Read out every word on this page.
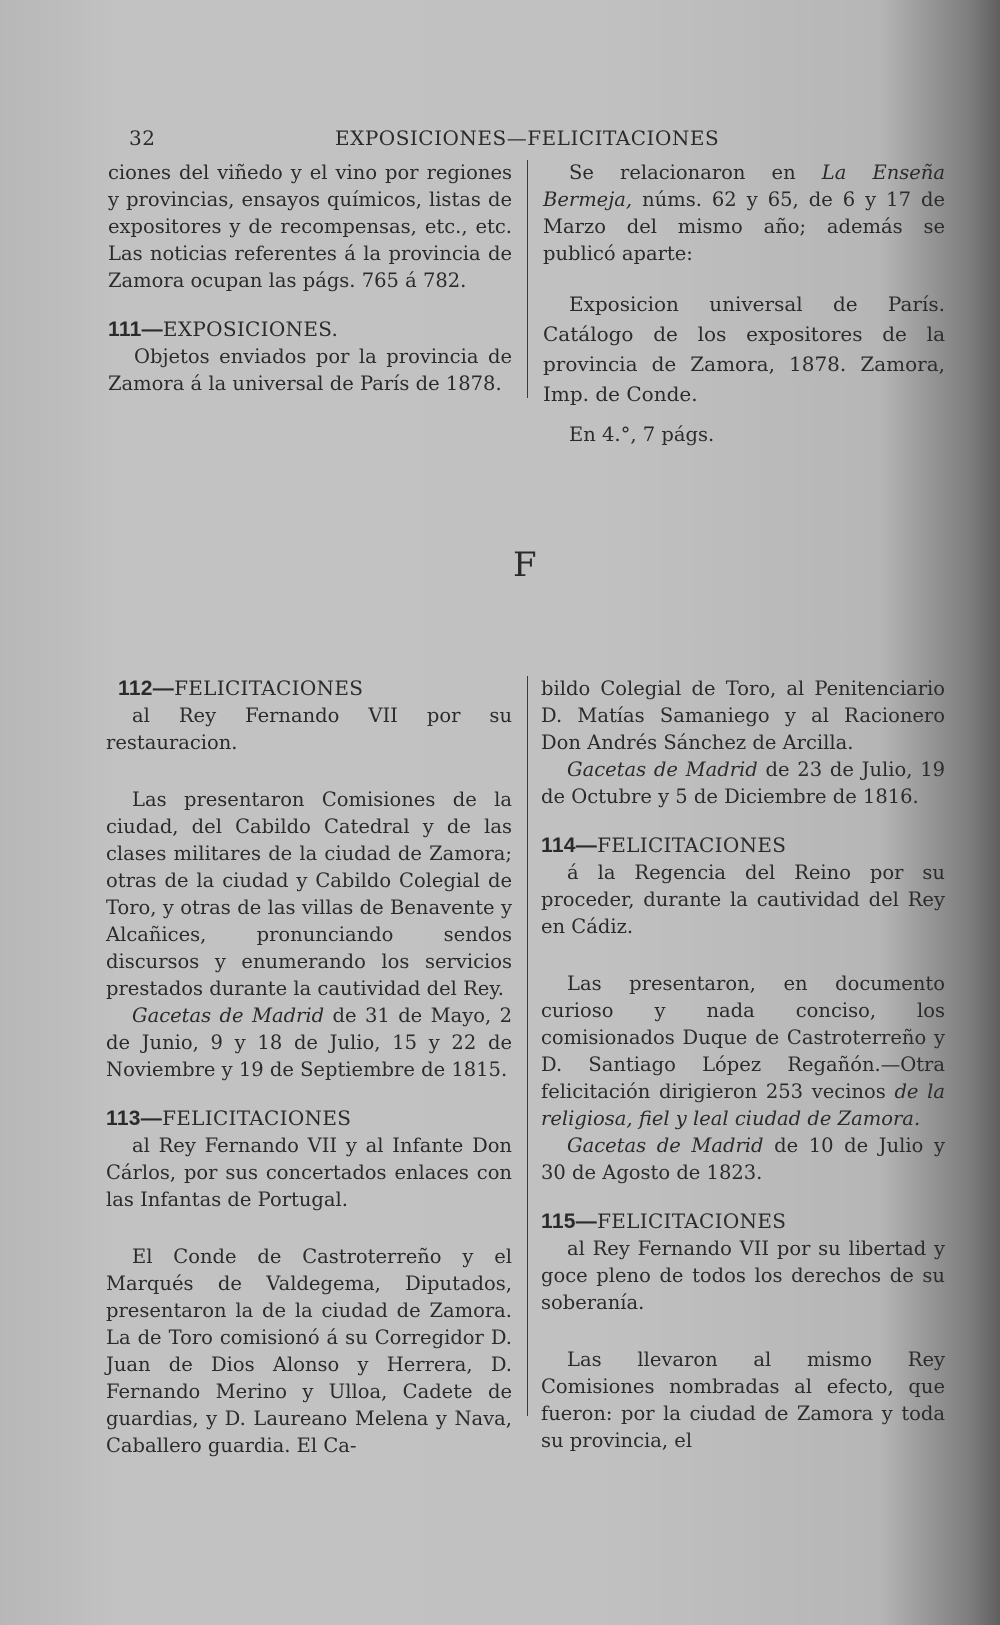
32	EXPOSICIONES—FELICITACIONES

ciones del viñedo y el vino por regiones y provincias, ensayos químicos, listas de expositores y de recompensas, etc., etc. Las noticias referentes á la provincia de Zamora ocupan las págs. 765 á 782.

111—EXPOSICIONES.

Objetos enviados por la provincia de Zamora á la universal de París de 1878.

Se relacionaron en La Enseña Bermeja, núms. 62 y 65, de 6 y 17 de Marzo del mismo año; además se publicó aparte:

Exposicion universal de París. Catálogo de los expositores de la provincia de Zamora, 1878. Zamora, Imp. de Conde.

En 4.°, 7 págs.

F

112—FELICITACIONES

al Rey Fernando VII por su restauracion.

Las presentaron Comisiones de la ciudad, del Cabildo Catedral y de las clases militares de la ciudad de Zamora; otras de la ciudad y Cabildo Colegial de Toro, y otras de las villas de Benavente y Alcañices, pronunciando sendos discursos y enumerando los servicios prestados durante la cautividad del Rey.

Gacetas de Madrid de 31 de Mayo, 2 de Junio, 9 y 18 de Julio, 15 y 22 de Noviembre y 19 de Septiembre de 1815.

113—FELICITACIONES

al Rey Fernando VII y al Infante Don Cárlos, por sus concertados enlaces con las Infantas de Portugal.

El Conde de Castroterreño y el Marqués de Valdegema, Diputados, presentaron la de la ciudad de Zamora. La de Toro comisionó á su Corregidor D. Juan de Dios Alonso y Herrera, D. Fernando Merino y Ulloa, Cadete de guardias, y D. Laureano Melena y Nava, Caballero guardia. El Ca-

bildo Colegial de Toro, al Penitenciario D. Matías Samaniego y al Racionero Don Andrés Sánchez de Arcilla.

Gacetas de Madrid de 23 de Julio, 19 de Octubre y 5 de Diciembre de 1816.

114—FELICITACIONES

á la Regencia del Reino por su proceder, durante la cautividad del Rey en Cádiz.

Las presentaron, en documento curioso y nada conciso, los comisionados Duque de Castroterreño y D. Santiago López Regañón.—Otra felicitación dirigieron 253 vecinos de la religiosa, fiel y leal ciudad de Zamora.

Gacetas de Madrid de 10 de Julio y 30 de Agosto de 1823.

115—FELICITACIONES

al Rey Fernando VII por su libertad y goce pleno de todos los derechos de su soberanía.

Las llevaron al mismo Rey Comisiones nombradas al efecto, que fueron: por la ciudad de Zamora y toda su provincia, el
